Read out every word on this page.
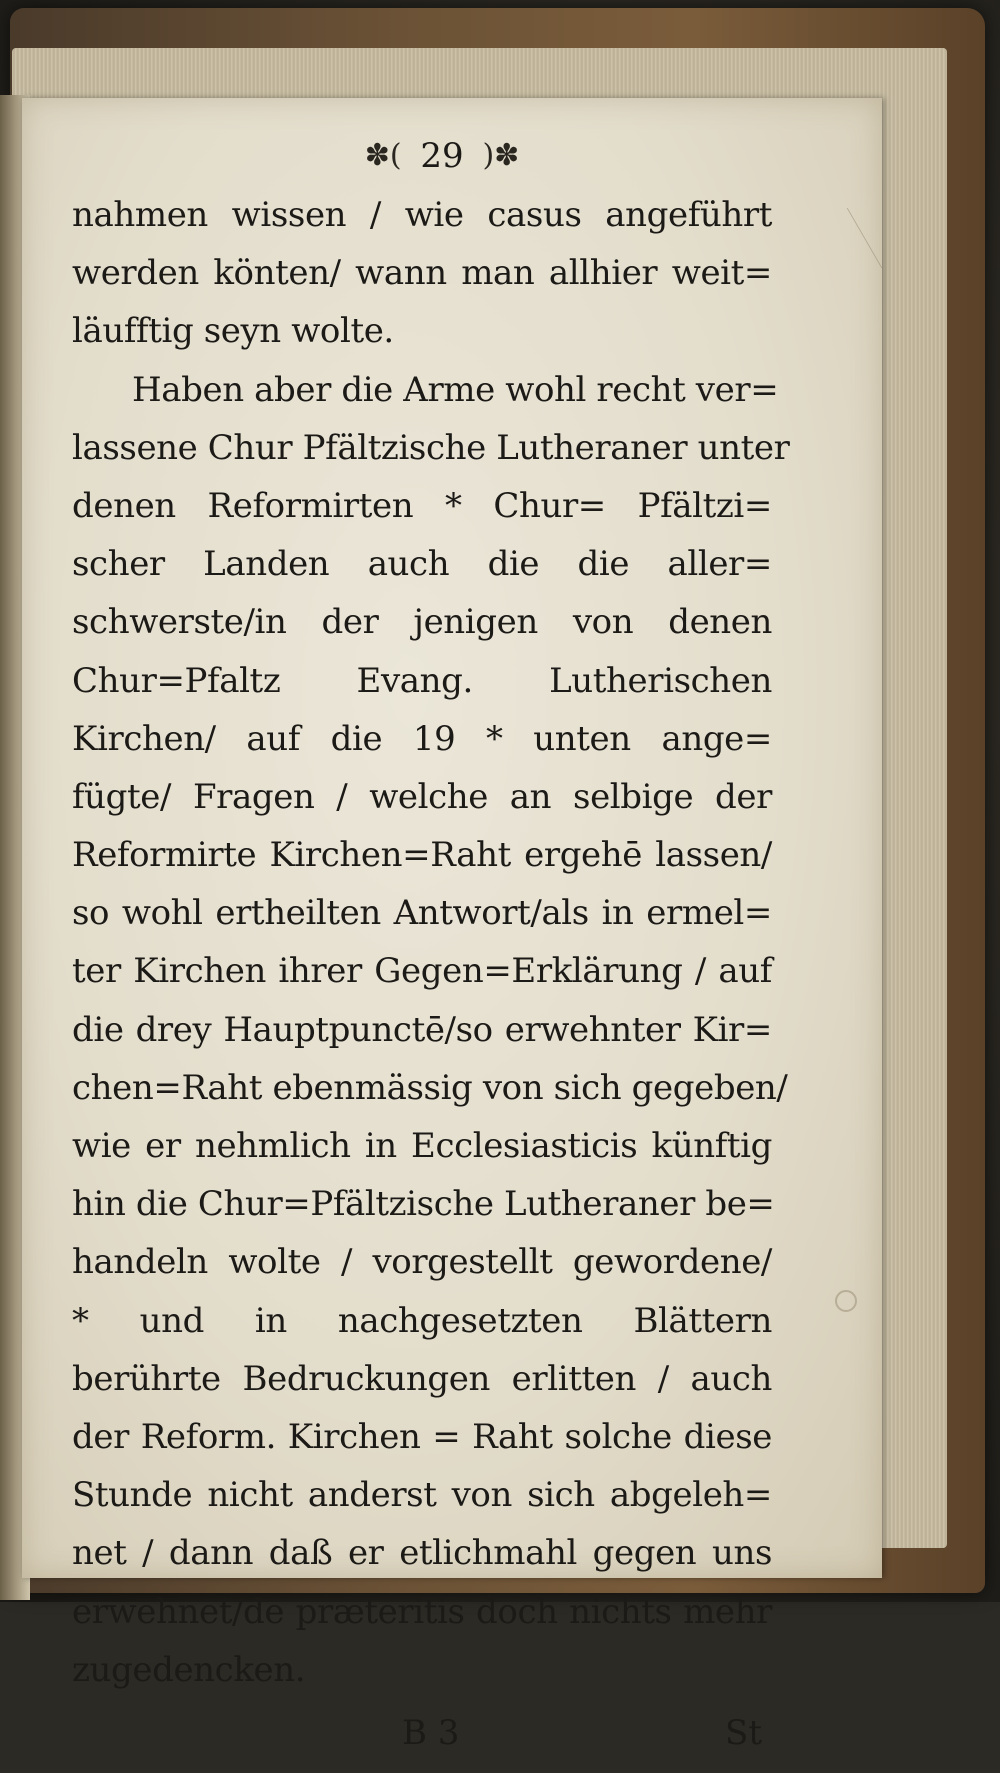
✽( 29 )✽
nahmen wissen / wie casus angeführt
werden könten/ wann man allhier weit=
läufftig seyn wolte.
Haben aber die Arme wohl recht ver=
lassene Chur Pfältzische Lutheraner unter
denen Reformirten * Chur= Pfältzi=
scher Landen auch die die aller=
schwerste/in der jenigen von denen
Chur=Pfaltz Evang. Lutherischen
Kirchen/ auf die 19 * unten ange=
fügte/ Fragen / welche an selbige der
Reformirte Kirchen=Raht ergehē lassen/
so wohl ertheilten Antwort/als in ermel=
ter Kirchen ihrer Gegen=Erklärung / auf
die drey Hauptpunctē/so erwehnter Kir=
chen=Raht ebenmässig von sich gegeben/
wie er nehmlich in Ecclesiasticis künftig
hin die Chur=Pfältzische Lutheraner be=
handeln wolte / vorgestellt gewordene/
* und in nachgesetzten Blättern
berührte Bedruckungen erlitten / auch
der Reform. Kirchen = Raht solche diese
Stunde nicht anderst von sich abgeleh=
net / dann daß er etlichmahl gegen uns
erwehnet/de præteritis doch nichts mehr
zugedencken.
B 3	St
